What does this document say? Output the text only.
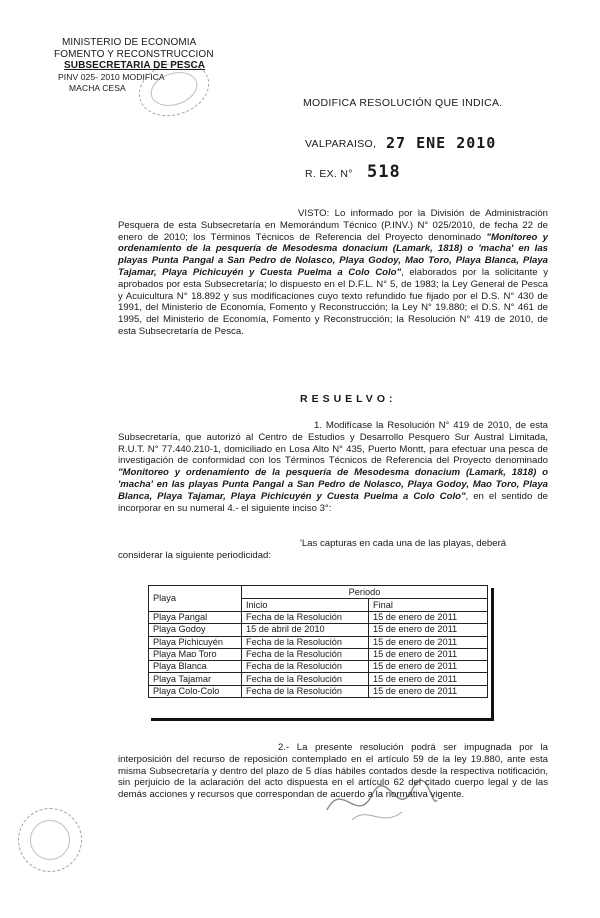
MINISTERIO DE ECONOMIA
FOMENTO Y RECONSTRUCCION
SUBSECRETARIA DE PESCA
PINV 025- 2010 MODIFICA
MACHA CESA
MODIFICA RESOLUCIÓN QUE INDICA.
VALPARAISO, 27 ENE 2010
R. EX. N° 518

VISTO: Lo informado por la División de Administración Pesquera de esta Subsecretaría en Memorándum Técnico (P.INV.) N° 025/2010, de fecha 22 de enero de 2010; los Términos Técnicos de Referencia del Proyecto denominado "Monitoreo y ordenamiento de la pesquería de Mesodesma donacium (Lamark, 1818) o 'macha' en las playas Punta Pangal a San Pedro de Nolasco, Playa Godoy, Mao Toro, Playa Blanca, Playa Tajamar, Playa Pichicuyén y Cuesta Puelma a Colo Colo", elaborados por la solicitante y aprobados por esta Subsecretaría; lo dispuesto en el D.F.L. N° 5, de 1983; la Ley General de Pesca y Acuicultura N° 18.892 y sus modificaciones cuyo texto refundido fue fijado por el D.S. N° 430 de 1991, del Ministerio de Economía, Fomento y Reconstrucción; la Ley N° 19.880; el D.S. N° 461 de 1995, del Ministerio de Economía, Fomento y Reconstrucción; la Resolución N° 419 de 2010, de esta Subsecretaría de Pesca.

RESUELVO:

1. Modifícase la Resolución N° 419 de 2010, de esta Subsecretaría, que autorizó al Centro de Estudios y Desarrollo Pesquero Sur Austral Limitada, R.U.T. N° 77.440.210-1, domiciliado en Losa Alto N° 435, Puerto Montt, para efectuar una pesca de investigación de conformidad con los Términos Técnicos de Referencia del Proyecto denominado "Monitoreo y ordenamiento de la pesquería de Mesodesma donacium (Lamark, 1818) o 'macha' en las playas Punta Pangal a San Pedro de Nolasco, Playa Godoy, Mao Toro, Playa Blanca, Playa Tajamar, Playa Pichicuyén y Cuesta Puelma a Colo Colo", en el sentido de incorporar en su numeral 4.- el siguiente inciso 3°:

'Las capturas en cada una de las playas, deberá
considerar la siguiente periodicidad:
Playa	Periodo	
	Inicio	Final
Playa Pangal	Fecha de la Resolución	15 de enero de 2011
Playa Godoy	15 de abril de 2010	15 de enero de 2011
Playa Pichicuyén	Fecha de la Resolución	15 de enero de 2011
Playa Mao Toro	Fecha de la Resolución	15 de enero de 2011
Playa Blanca	Fecha de la Resolución	15 de enero de 2011
Playa Tajamar	Fecha de la Resolución	15 de enero de 2011
Playa Colo-Colo	Fecha de la Resolución	15 de enero de 2011

2.- La presente resolución podrá ser impugnada por la interposición del recurso de reposición contemplado en el artículo 59 de la ley 19.880, ante esta misma Subsecretaría y dentro del plazo de 5 días hábiles contados desde la respectiva notificación, sin perjuicio de la aclaración del acto dispuesta en el artículo 62 del citado cuerpo legal y de las demás acciones y recursos que correspondan de acuerdo a la normativa vigente.
